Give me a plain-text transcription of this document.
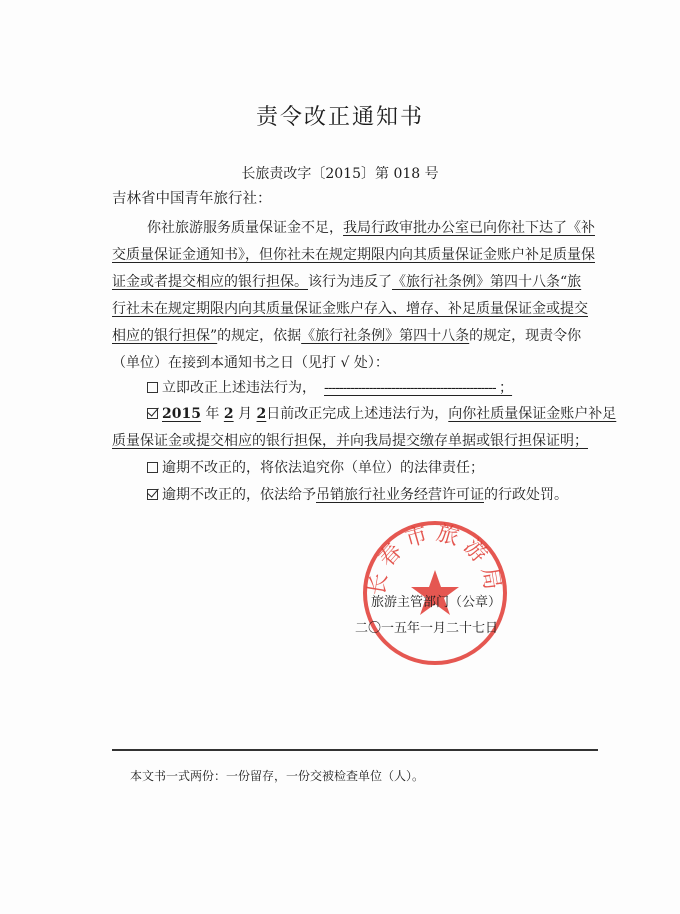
责令改正通知书
长旅责改字〔2015〕第 018 号
吉林省中国青年旅行社：
你社旅游服务质量保证金不足，我局行政审批办公室已向你社下达了《补
交质量保证金通知书》，但你社未在规定期限内向其质量保证金账户补足质量保
证金或者提交相应的银行担保。该行为违反了《旅行社条例》第四十八条“旅
行社未在规定期限内向其质量保证金账户存入、增存、补足质量保证金或提交
相应的银行担保”的规定，依据《旅行社条例》第四十八条的规定，现责令你
（单位）在接到本通知书之日（见打 √ 处）：
立即改正上述违法行为， ---------------------------------------------- ；
2015 年 2 月 2日前改正完成上述违法行为，向你社质量保证金账户补足
质量保证金或提交相应的银行担保，并向我局提交缴存单据或银行担保证明；
逾期不改正的，将依法追究你（单位）的法律责任；
逾期不改正的，依法给予吊销旅行社业务经营许可证的行政处罚。
长春市旅游局
旅游主管部门（公章）
二〇一五年一月二十七日
本文书一式两份：一份留存，一份交被检查单位（人）。
